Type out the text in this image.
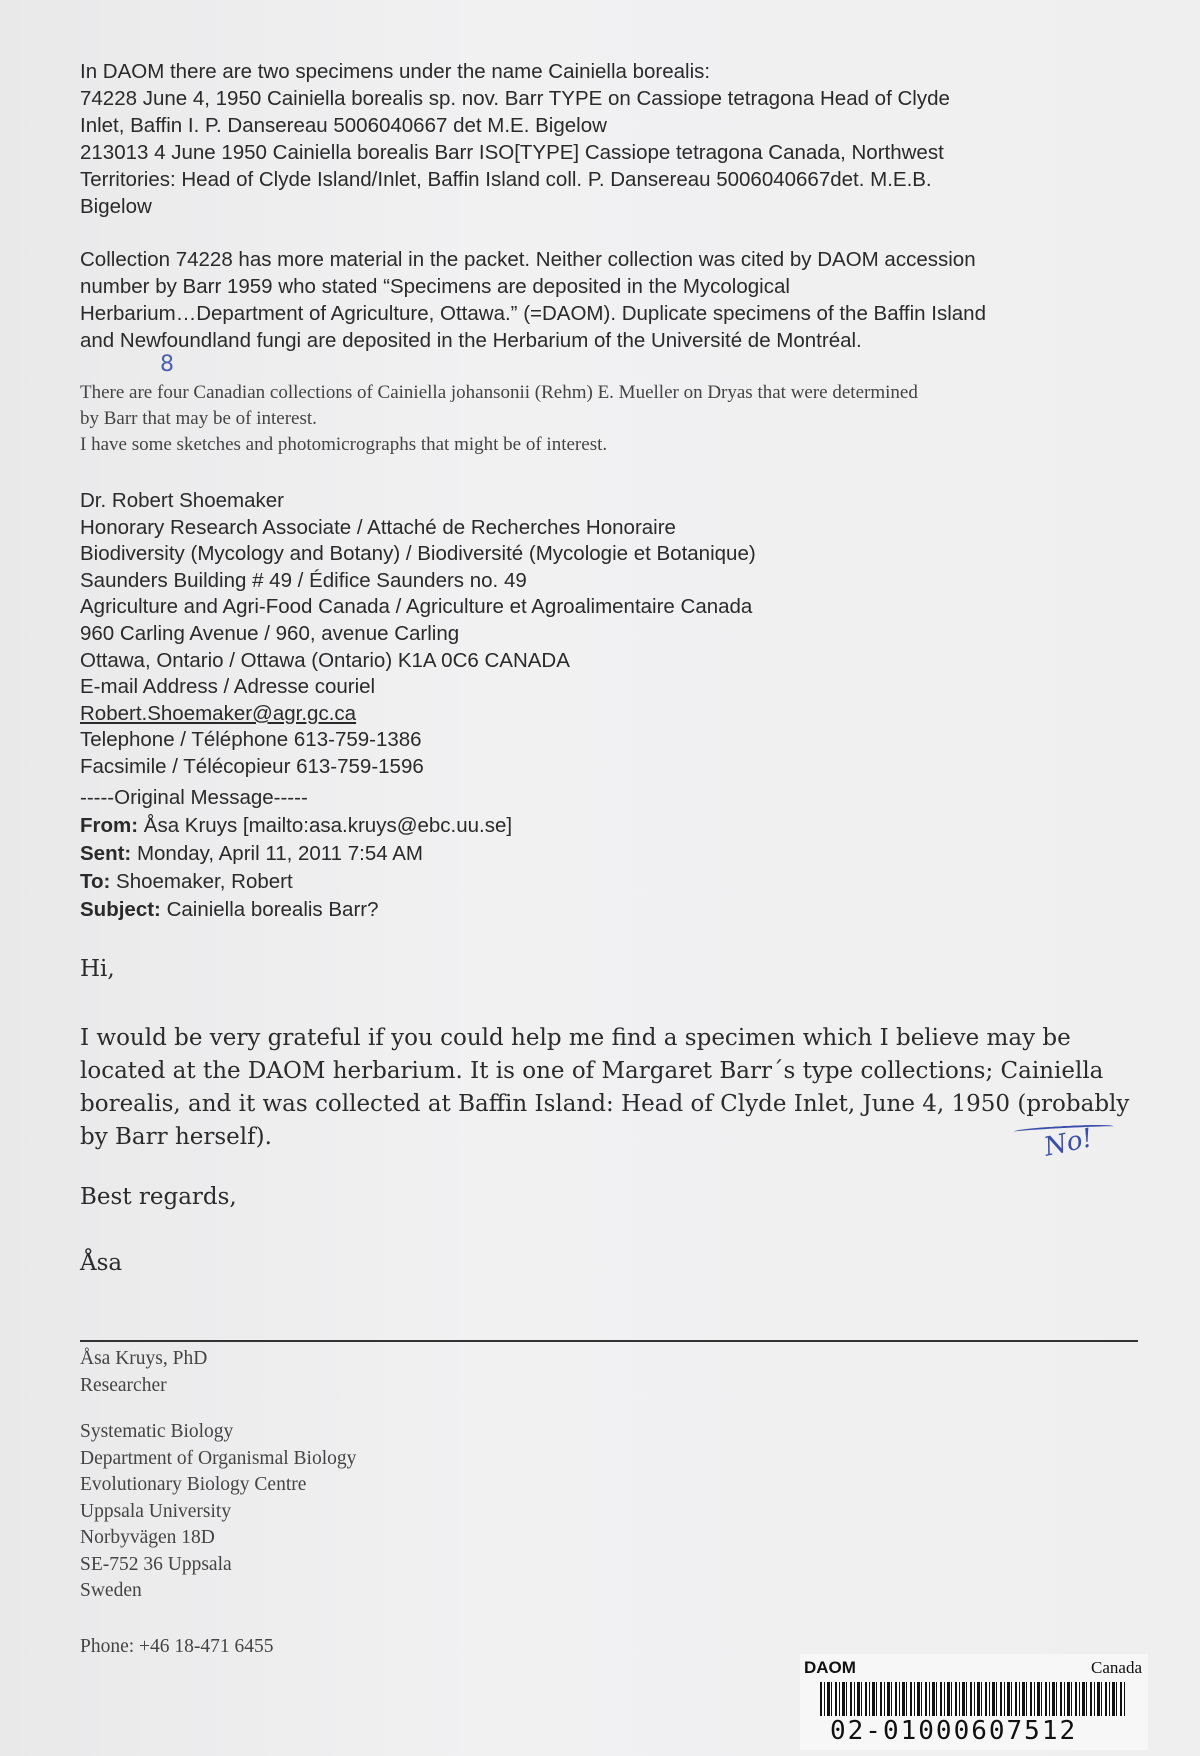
In DAOM there are two specimens under the name Cainiella borealis:
74228 June 4, 1950 Cainiella borealis sp. nov. Barr TYPE on Cassiope tetragona Head of Clyde
Inlet, Baffin I. P. Dansereau 5006040667 det M.E. Bigelow
213013 4 June 1950 Cainiella borealis Barr ISO[TYPE] Cassiope tetragona Canada, Northwest
Territories: Head of Clyde Island/Inlet, Baffin Island coll. P. Dansereau 5006040667det. M.E.B.
Bigelow
Collection 74228 has more material in the packet. Neither collection was cited by DAOM accession
number by Barr 1959 who stated “Specimens are deposited in the Mycological
Herbarium…Department of Agriculture, Ottawa.” (=DAOM). Duplicate specimens of the Baffin Island
and Newfoundland fungi are deposited in the Herbarium of the Université de Montréal.
There are four Canadian collections of Cainiella johansonii (Rehm) E. Mueller on Dryas that were determined
by Barr that may be of interest.
I have some sketches and photomicrographs that might be of interest.
8
Dr. Robert Shoemaker
Honorary Research Associate / Attaché de Recherches Honoraire
Biodiversity (Mycology and Botany) / Biodiversité (Mycologie et Botanique)
Saunders Building # 49 / Édifice Saunders no. 49
Agriculture and Agri-Food Canada / Agriculture et Agroalimentaire Canada
960 Carling Avenue / 960, avenue Carling
Ottawa, Ontario / Ottawa (Ontario) K1A 0C6 CANADA
E-mail Address / Adresse couriel
Robert.Shoemaker@agr.gc.ca
Telephone / Téléphone 613-759-1386
Facsimile / Télécopieur 613-759-1596
-----Original Message-----
From: Åsa Kruys [mailto:asa.kruys@ebc.uu.se]
Sent: Monday, April 11, 2011 7:54 AM
To: Shoemaker, Robert
Subject: Cainiella borealis Barr?
Hi,
I would be very grateful if you could help me find a specimen which I believe may be
located at the DAOM herbarium. It is one of Margaret Barr´s type collections; Cainiella
borealis, and it was collected at Baffin Island: Head of Clyde Inlet, June 4, 1950 (probably
by Barr herself).	No!
Best regards,
Åsa
Åsa Kruys, PhD
Researcher
Systematic Biology
Department of Organismal Biology
Evolutionary Biology Centre
Uppsala University
Norbyvägen 18D
SE-752 36 Uppsala
Sweden
Phone: +46 18-471 6455
DAOM	Canada
02-01000607512
